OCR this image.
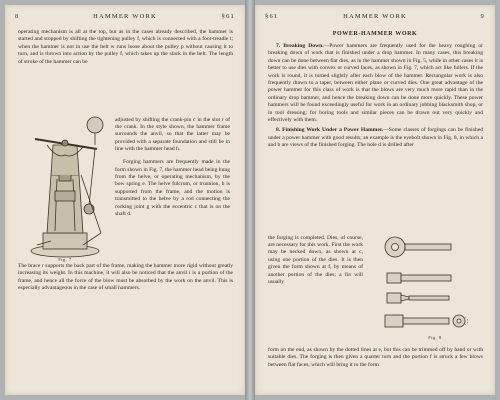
8	HAMMER WORK	§61

operating mechanism is all at the top, but as in the cases already described, the hammer is started and stopped by shifting the tightening pulley f, which is connected with a foot-treadle t; when the hammer is not in use the belt w runs loose about the pulley p without causing it to turn, and is thrown into action by the pulley f, which takes up the slack in the belt. The length of stroke of the hammer can be

Fig. 7

adjusted by shifting the crank-pin c in the slot r of the crank. In the style shown, the hammer frame surrounds the anvil, so that the latter may be provided with a separate foundation and still be in line with the hammer head h.

Forging hammers are frequently made in the form shown in Fig. 7, the hammer head being hung from the helve, or operating mechanism, by the bow spring e. The helve fulcrum, or trunnion, b is supported from the frame, and the motion is transmitted to the helve by a rod connecting the rocking joint g with the eccentric c that is on the shaft d.

The brace r supports the back part of the frame, making the hammer more rigid without greatly increasing its weight. In this machine, it will also be noticed that the anvil i is a portion of the frame, and hence all the force of the blow must be absorbed by the work on the anvil. This is especially advantageous in the case of small hammers.

§61	HAMMER WORK	9
POWER-HAMMER WORK

7. Breaking Down.—Power hammers are frequently used for the heavy roughing or breaking down of work that is finished under a drop hammer. In many cases, this breaking down can be done between flat dies, as in the hammer shown in Fig. 5, while in other cases it is better to use dies with convex or curved faces, as shown in Fig. 7, which act like fullers. If the work is round, it is turned slightly after each blow of the hammer. Rectangular work is also frequently drawn to a taper, between either plane or curved dies. One great advantage of the power hammer for this class of work is that the blows are very much more rapid than in the ordinary drop hammer, and hence the breaking down can be done more quickly. These power hammers will be found exceedingly useful for work in an ordinary jobbing blacksmith shop, or in tool dressing; for boring tools and similar pieces can be drawn out very quickly and effectively with them.

8. Finishing Work Under a Power Hammer.—Some classes of forgings can be finished under a power hammer with good results; an example is the eyebolt shown in Fig. 8, in which a and b are views of the finished forging. The hole d is drilled after

the forging is completed. Dies, of course, are necessary for this work. First the work may be necked down, as shown at c, using one portion of the dies. It is then given the form shown at f, by means of another portion of the dies; a fin will usually

Fig. 8

form on the end, as shown by the dotted lines at e, but this can be trimmed off by hand or with suitable dies. The forging is then given a quarter turn and the portion f is struck a few blows between flat faces, which will bring it to the form
